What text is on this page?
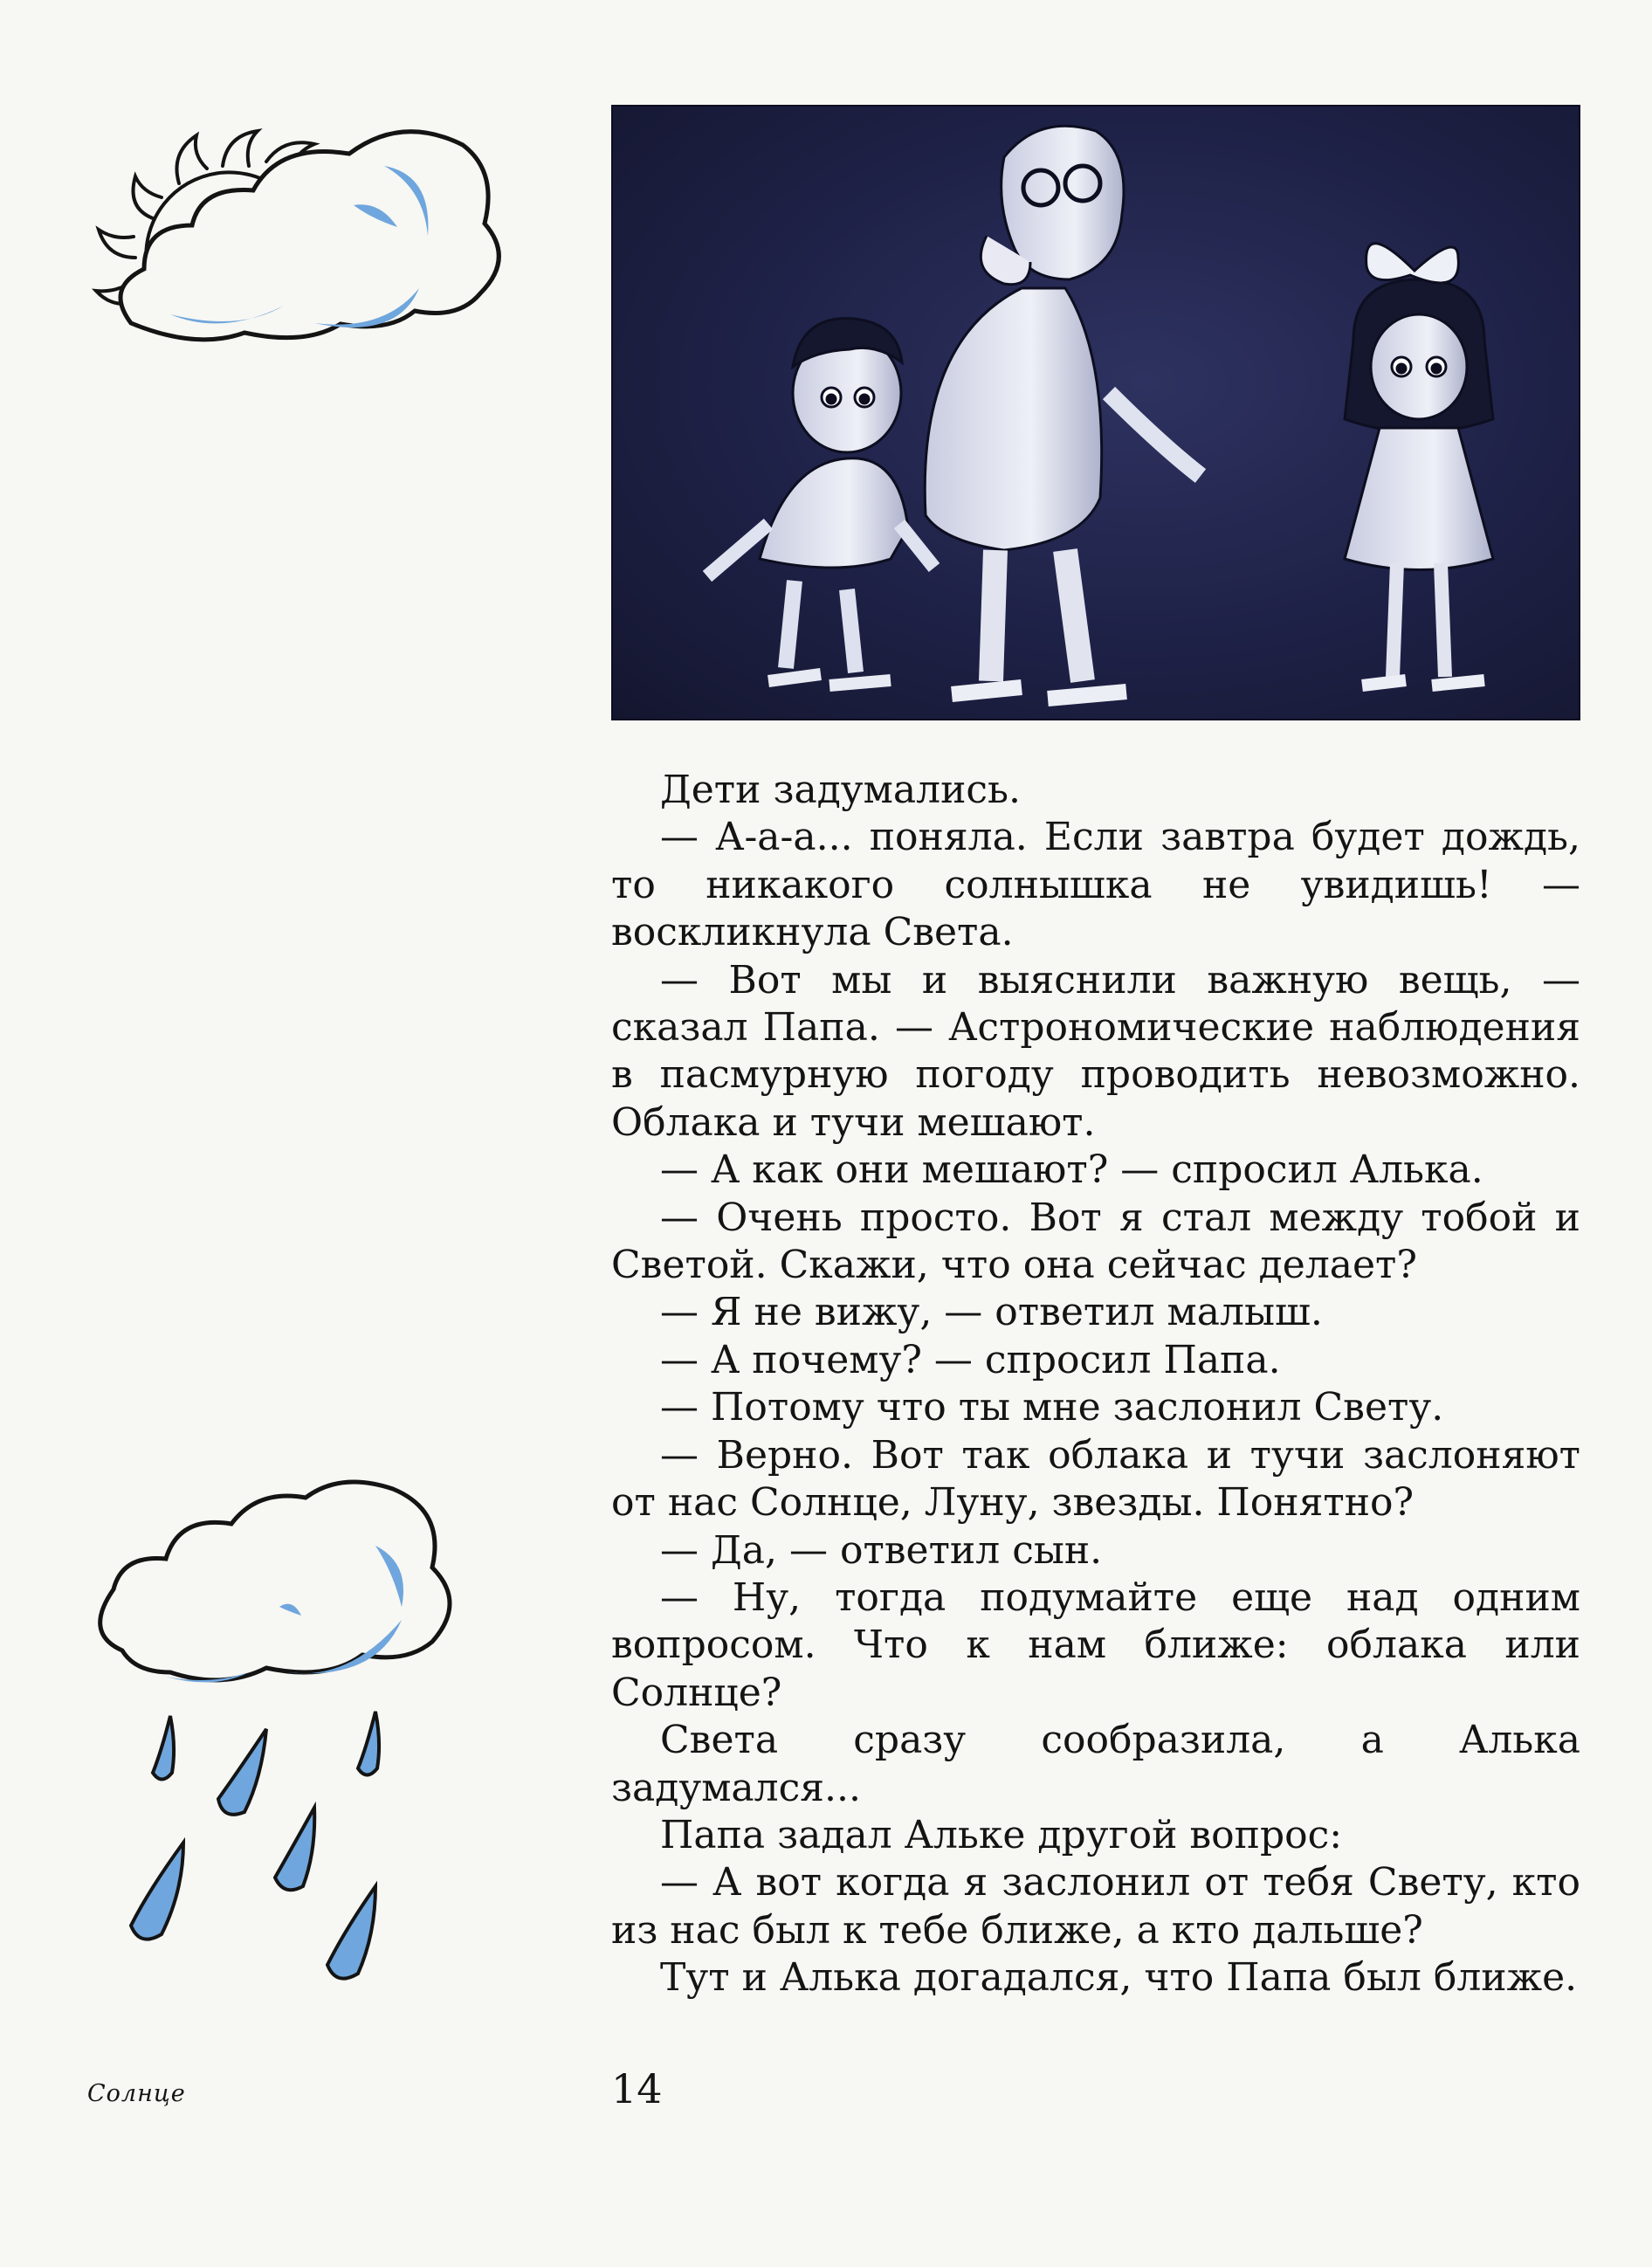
Дети задумались.

— А-а-а... поняла. Если завтра будет дождь, то никакого солнышка не увидишь! — воскликнула Света.

— Вот мы и выяснили важную вещь, — сказал Папа. — Астрономические наблюдения в пасмурную погоду проводить невозможно. Облака и тучи мешают.

— А как они мешают? — спросил Алька.

— Очень просто. Вот я стал между тобой и Светой. Скажи, что она сейчас делает?

— Я не вижу, — ответил малыш.

— А почему? — спросил Папа.

— Потому что ты мне заслонил Свету.

— Верно. Вот так облака и тучи заслоняют от нас Солнце, Луну, звезды. Понятно?

— Да, — ответил сын.

— Ну, тогда подумайте еще над одним вопросом. Что к нам ближе: облака или Солнце?

Света сразу сообразила, а Алька задумался...

Папа задал Альке другой вопрос:

— А вот когда я заслонил от тебя Свету, кто из нас был к тебе ближе, а кто дальше?

Тут и Алька догадался, что Папа был ближе.

Солнце	14
